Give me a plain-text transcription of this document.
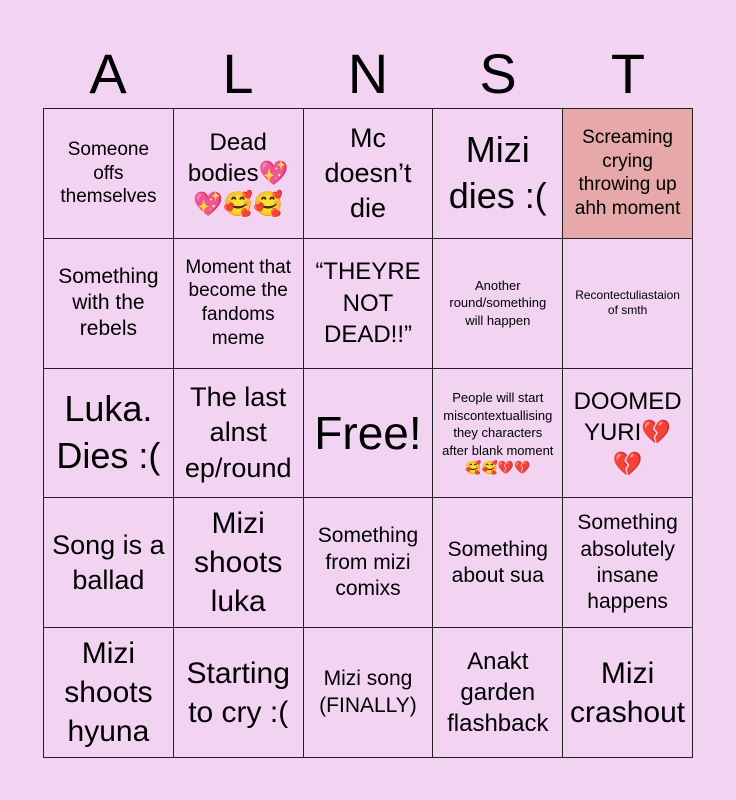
A	L	N	S	T
Someone offs themselves
Dead bodies💖💖🥰🥰
Mc doesn’t die
Mizi dies :(
Screaming crying throwing up ahh moment
Something with the rebels
Moment that become the fandoms meme
“THEYRE NOT DEAD!!”
Another round/something will happen
Recontectuliastaion of smth
Luka. Dies :(
The last alnst ep/round
Free!
People will start miscontextuallising they characters after blank moment 🥰🥰💔💔
DOOMED YURI💔💔
Song is a ballad
Mizi shoots luka
Something from mizi comixs
Something about sua
Something absolutely insane happens
Mizi shoots hyuna
Starting to cry :(
Mizi song (FINALLY)
Anakt garden flashback
Mizi crashout
